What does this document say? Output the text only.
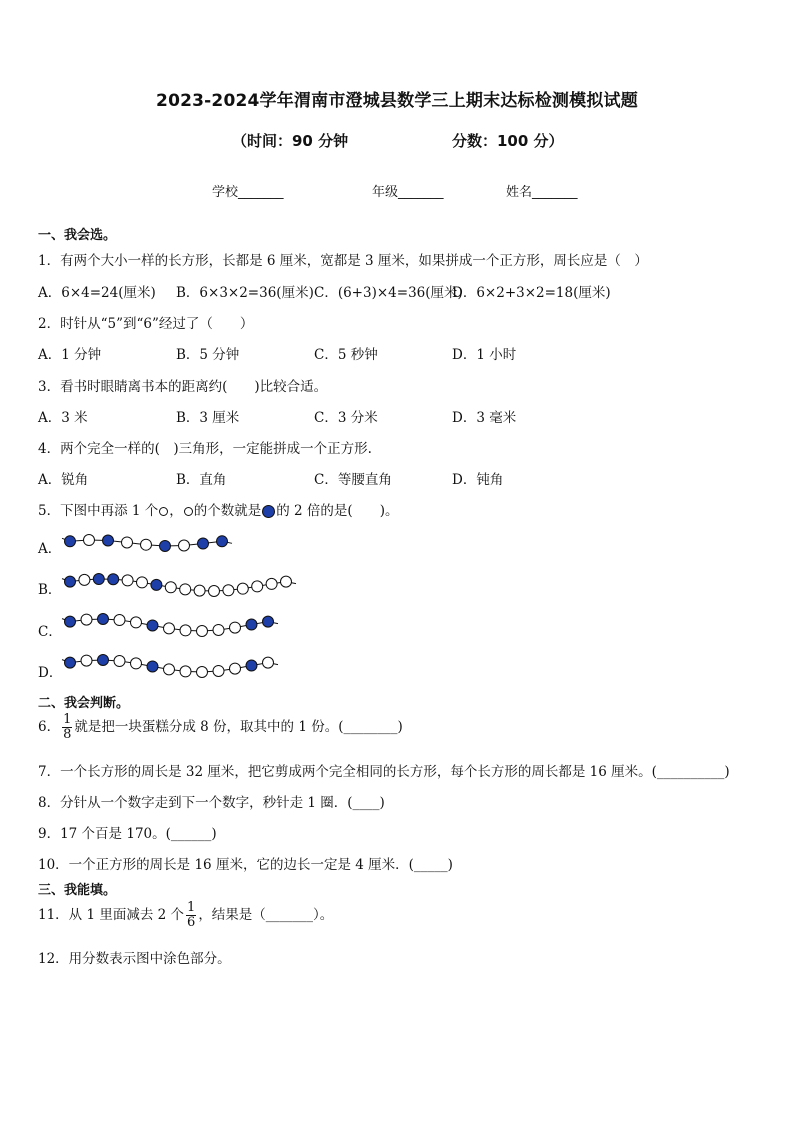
2023-2024学年渭南市澄城县数学三上期末达标检测模拟试题
（时间：90 分钟	分数：100 分）
学校_______	年级_______	姓名_______
一、我会选。
1．有两个大小一样的长方形，长都是 6 厘米，宽都是 3 厘米，如果拼成一个正方形，周长应是（　）
A．6×4=24(厘米) B．6×3×2=36(厘米) C．(6+3)×4=36(厘米)
D．6×2+3×2=18(厘米)
2．时针从“5”到“6”经过了（　　）
A．1 分钟	B．5 分钟	C．5 秒钟	D．1 小时
3．看书时眼睛离书本的距离约(　　)比较合适。
A．3 米	B．3 厘米	C．3 分米	D．3 毫米
4．两个完全一样的(　)三角形，一定能拼成一个正方形.
A．锐角	B．直角	C．等腰直角	D．钝角
5．下图中再添 1 个 ， 的个数就是 的 2 倍的是(　　)。
A．
B．
C．
D．
二、我会判断。
6． $\frac{1}{8}$ 就是把一块蛋糕分成 8 份，取其中的 1 份。(________)
7．一个长方形的周长是 32 厘米，把它剪成两个完全相同的长方形，每个长方形的周长都是 16 厘米。(__________)
8．分针从一个数字走到下一个数字，秒针走 1 圈．(____)
9．17 个百是 170。(______)
10．一个正方形的周长是 16 厘米，它的边长一定是 4 厘米．(_____)
三、我能填。
11．从 1 里面减去 2 个 $\frac{1}{6}$ ，结果是（_______）。
12．用分数表示图中涂色部分。
